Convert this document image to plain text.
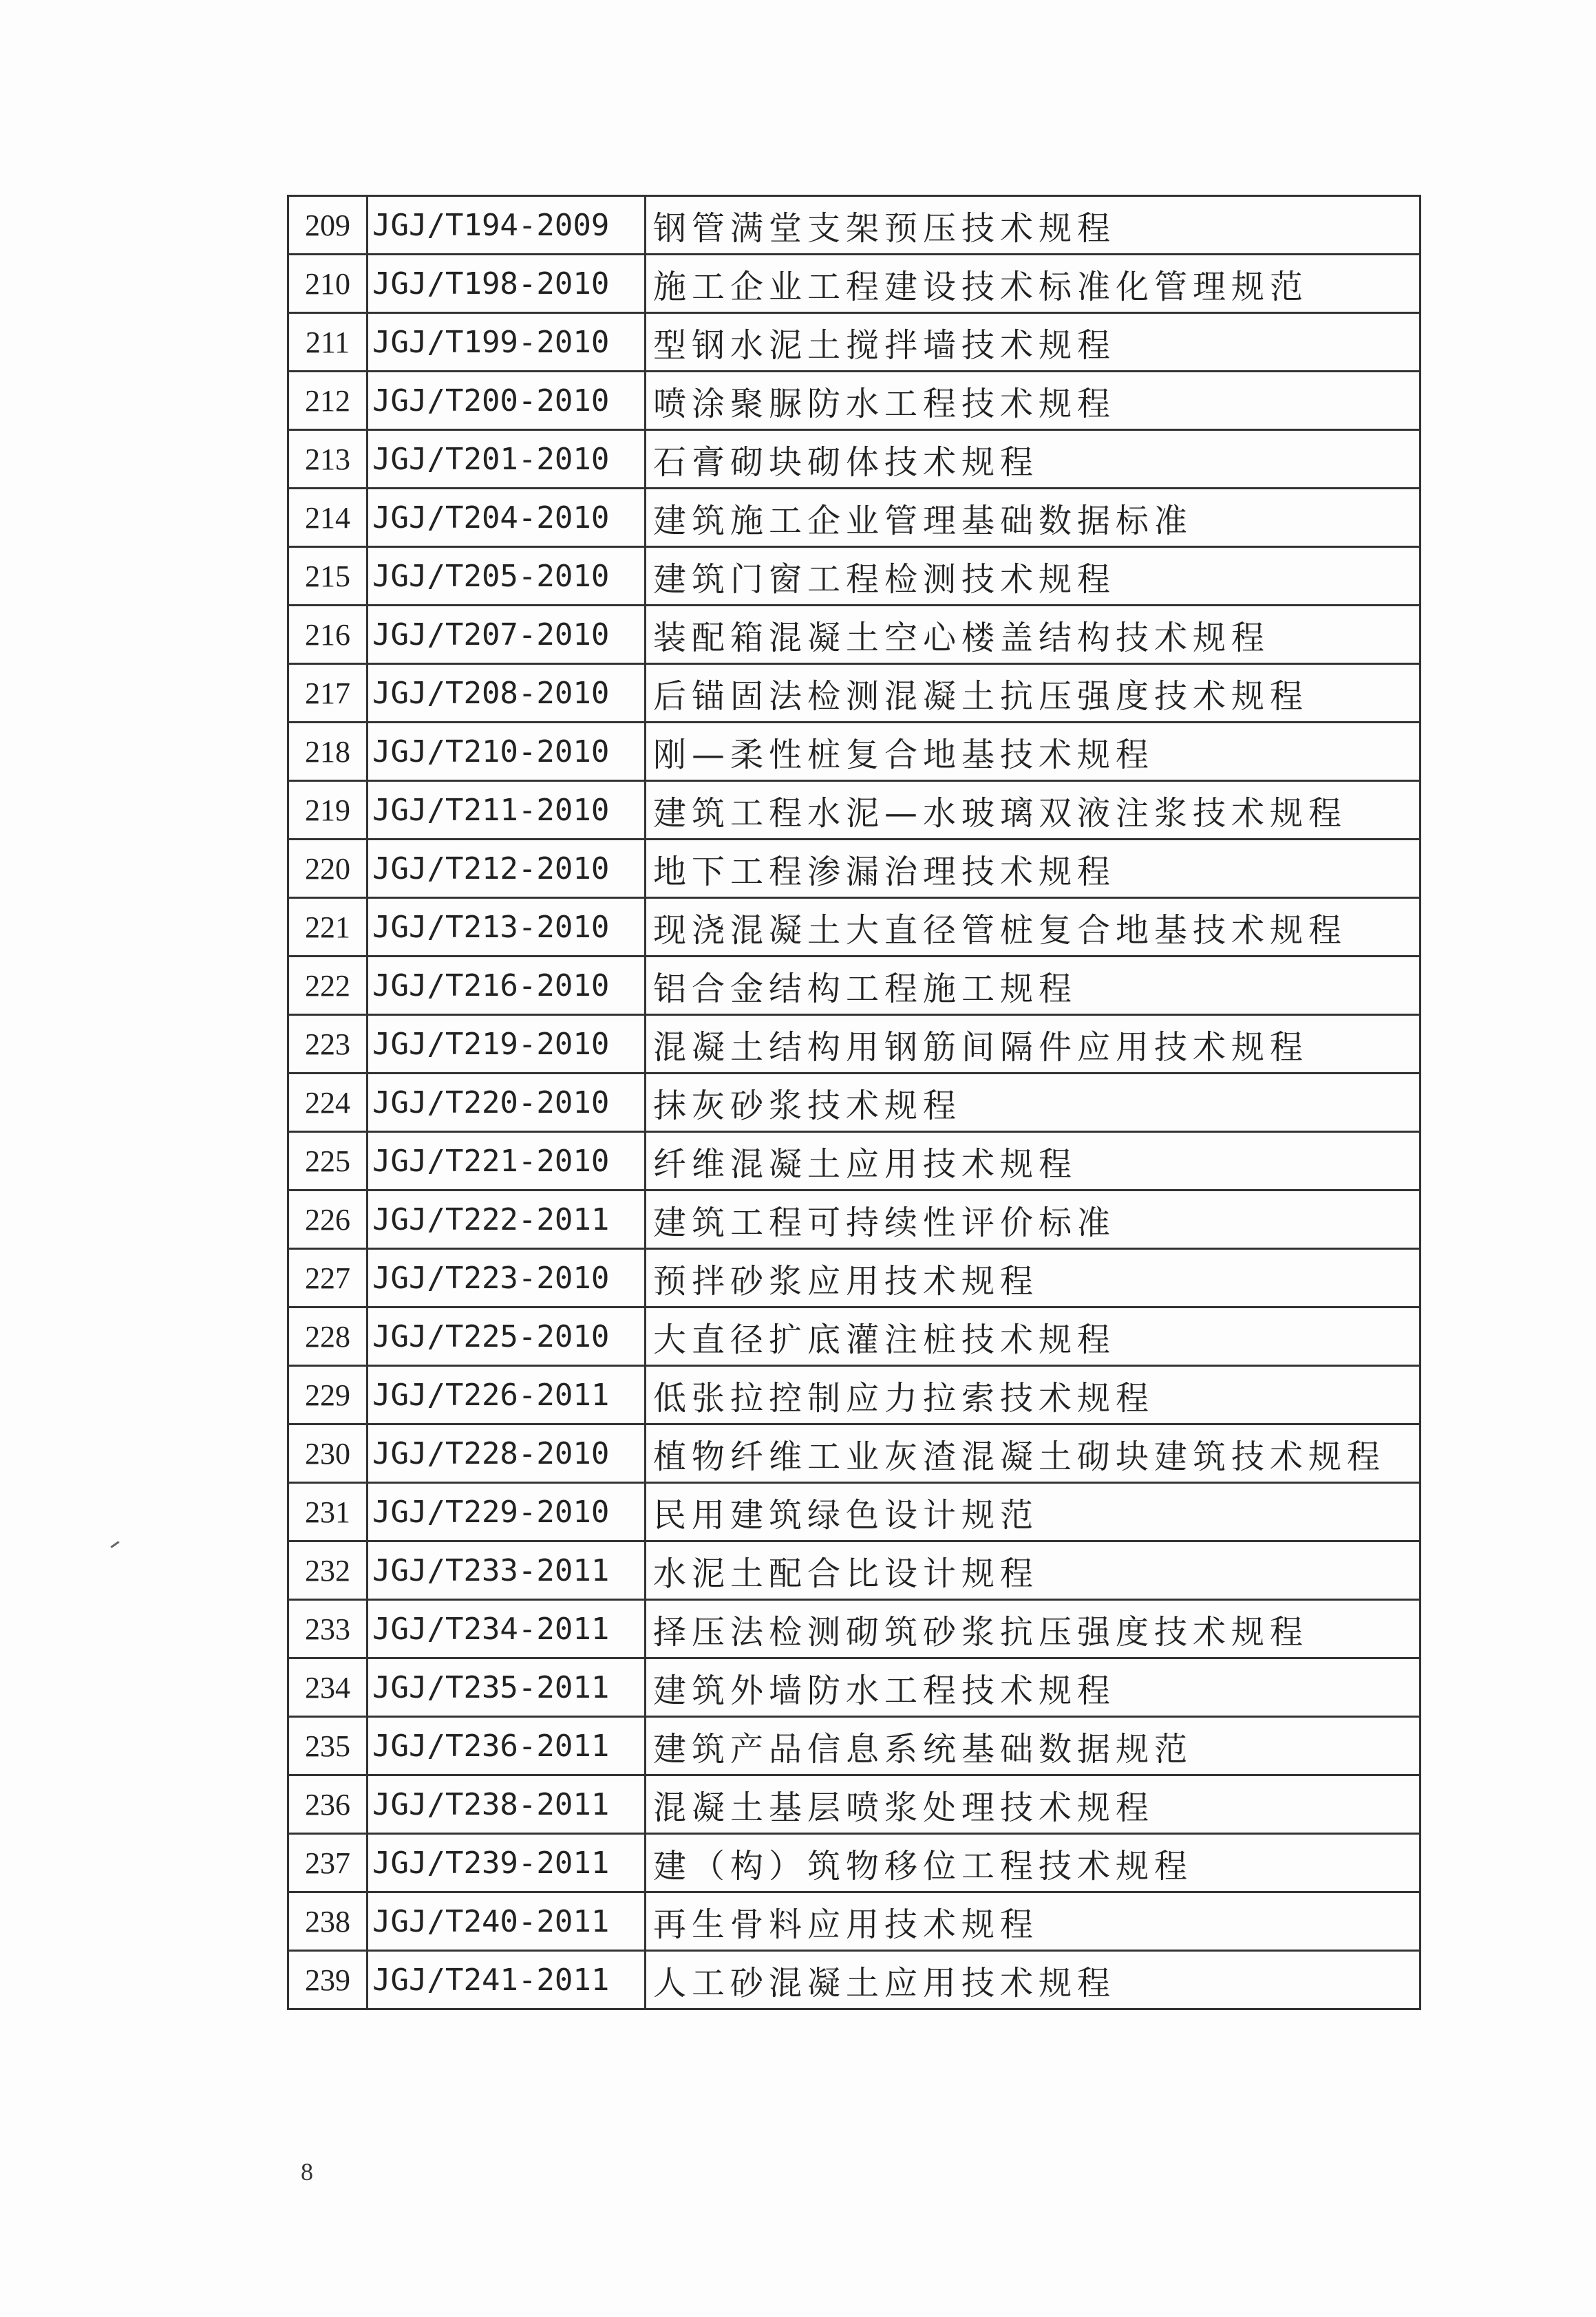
209	JGJ/T194-2009	钢管满堂支架预压技术规程
210	JGJ/T198-2010	施工企业工程建设技术标准化管理规范
211	JGJ/T199-2010	型钢水泥土搅拌墙技术规程
212	JGJ/T200-2010	喷涂聚脲防水工程技术规程
213	JGJ/T201-2010	石膏砌块砌体技术规程
214	JGJ/T204-2010	建筑施工企业管理基础数据标准
215	JGJ/T205-2010	建筑门窗工程检测技术规程
216	JGJ/T207-2010	装配箱混凝土空心楼盖结构技术规程
217	JGJ/T208-2010	后锚固法检测混凝土抗压强度技术规程
218	JGJ/T210-2010	刚—柔性桩复合地基技术规程
219	JGJ/T211-2010	建筑工程水泥—水玻璃双液注浆技术规程
220	JGJ/T212-2010	地下工程渗漏治理技术规程
221	JGJ/T213-2010	现浇混凝土大直径管桩复合地基技术规程
222	JGJ/T216-2010	铝合金结构工程施工规程
223	JGJ/T219-2010	混凝土结构用钢筋间隔件应用技术规程
224	JGJ/T220-2010	抹灰砂浆技术规程
225	JGJ/T221-2010	纤维混凝土应用技术规程
226	JGJ/T222-2011	建筑工程可持续性评价标准
227	JGJ/T223-2010	预拌砂浆应用技术规程
228	JGJ/T225-2010	大直径扩底灌注桩技术规程
229	JGJ/T226-2011	低张拉控制应力拉索技术规程
230	JGJ/T228-2010	植物纤维工业灰渣混凝土砌块建筑技术规程
231	JGJ/T229-2010	民用建筑绿色设计规范
232	JGJ/T233-2011	水泥土配合比设计规程
233	JGJ/T234-2011	择压法检测砌筑砂浆抗压强度技术规程
234	JGJ/T235-2011	建筑外墙防水工程技术规程
235	JGJ/T236-2011	建筑产品信息系统基础数据规范
236	JGJ/T238-2011	混凝土基层喷浆处理技术规程
237	JGJ/T239-2011	建（构）筑物移位工程技术规程
238	JGJ/T240-2011	再生骨料应用技术规程
239	JGJ/T241-2011	人工砂混凝土应用技术规程
8
